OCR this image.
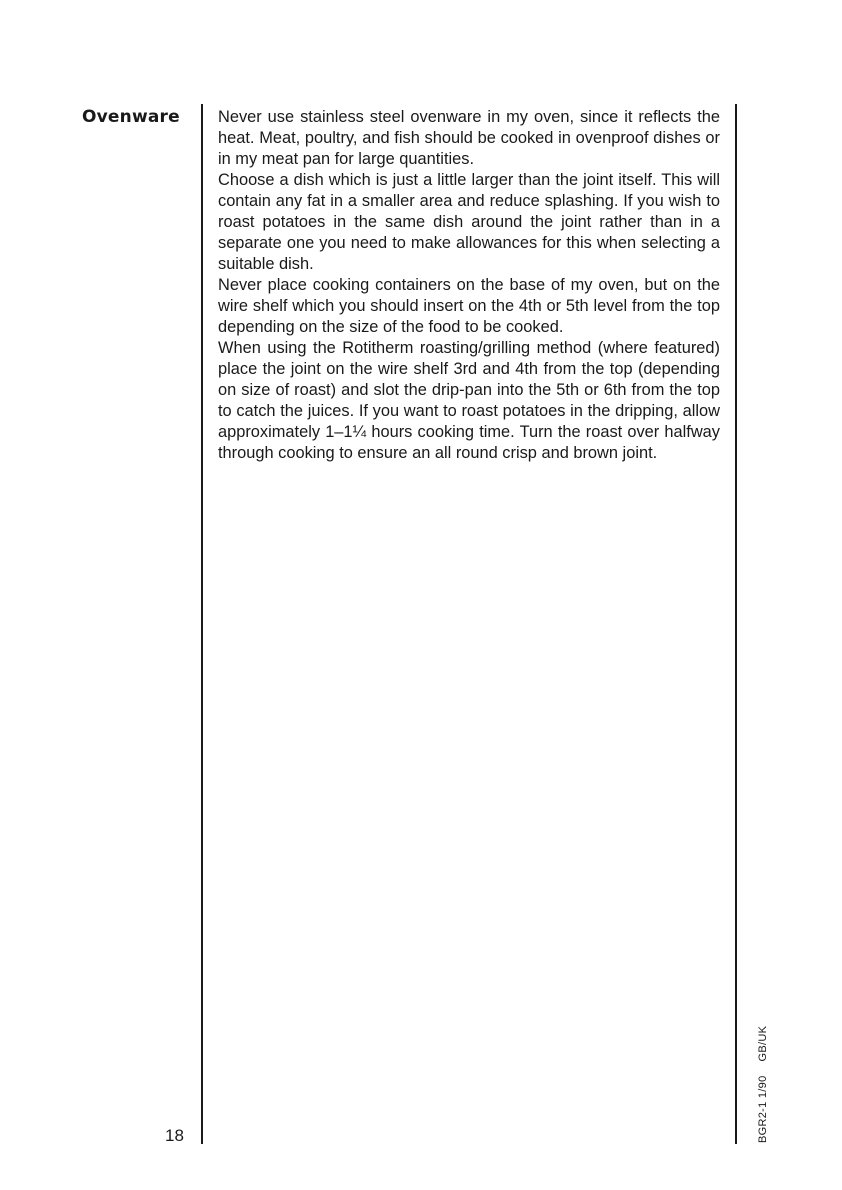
Ovenware Never use stainless steel ovenware in my oven, since it reflects the heat. Meat, poultry, and fish should be cooked in ovenproof dishes or in my meat pan for large quantities.

Choose a dish which is just a little larger than the joint itself. This will contain any fat in a smaller area and reduce splashing. If you wish to roast potatoes in the same dish around the joint rather than in a separate one you need to make allowances for this when selecting a suitable dish.

Never place cooking containers on the base of my oven, but on the wire shelf which you should insert on the 4th or 5th level from the top depending on the size of the food to be cooked.

When using the Rotitherm roasting/grilling method (where featured) place the joint on the wire shelf 3rd and 4th from the top (depending on size of roast) and slot the drip-pan into the 5th or 6th from the top to catch the juices. If you want to roast potatoes in the dripping, allow approximately 1–1¼ hours cooking time. Turn the roast over halfway through cooking to ensure an all round crisp and brown joint.

18	BGR2-1 1/90GB/UK
